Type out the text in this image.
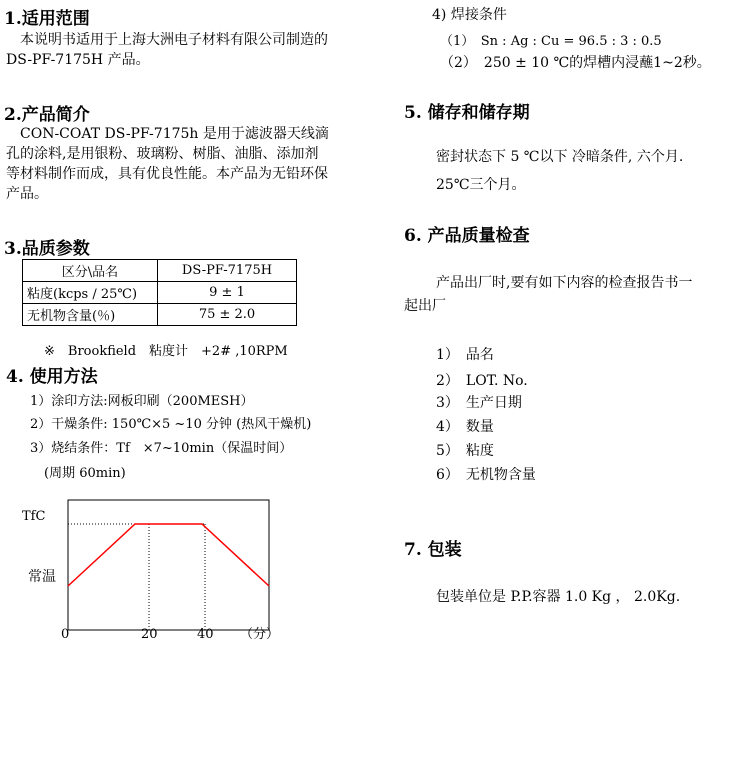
1.适用范围
　本说明书适用于上海大洲电子材料有限公司制造的 DS-PF-7175H 产品。
2.产品简介
CON-COAT DS-PF-7175h 是用于滤波器天线滴孔的涂料,是用银粉、玻璃粉、树脂、油脂、添加剂等材料制作而成，具有优良性能。本产品为无铅环保产品。
3.品质参数
区分\品名	DS-PF-7175H
粘度(kcps / 25℃)	9 ± 1
无机物含量(％)	75 ± 2.0
※　Brookfield　粘度计　+2# ,10RPM
4. 使用方法
1）涂印方法:网板印刷（200MESH）
2）干燥条件: 150℃×5 ~10 分钟 (热风干燥机)
3）烧结条件：Tf　×7~10min（保温时间）
(周期 60min)
TfC
常温
0	20	40 （分）
4) 焊接条件
（1）　Sn : Ag : Cu = 96.5 : 3 : 0.5
（2）　250 ± 10 ℃的焊槽内浸蘸1~2秒。
5. 储存和储存期
密封状态下 5 ℃以下 冷暗条件, 六个月.
25℃三个月。
6. 产品质量检查
产品出厂时,要有如下内容的检查报告书一
起出厂
1）　品名
2）　LOT. No.
3）　生产日期
4）　数量
5）　粘度
6）　无机物含量
7. 包装
包装单位是 P.P.容器 1.0 Kg ， 2.0Kg.
